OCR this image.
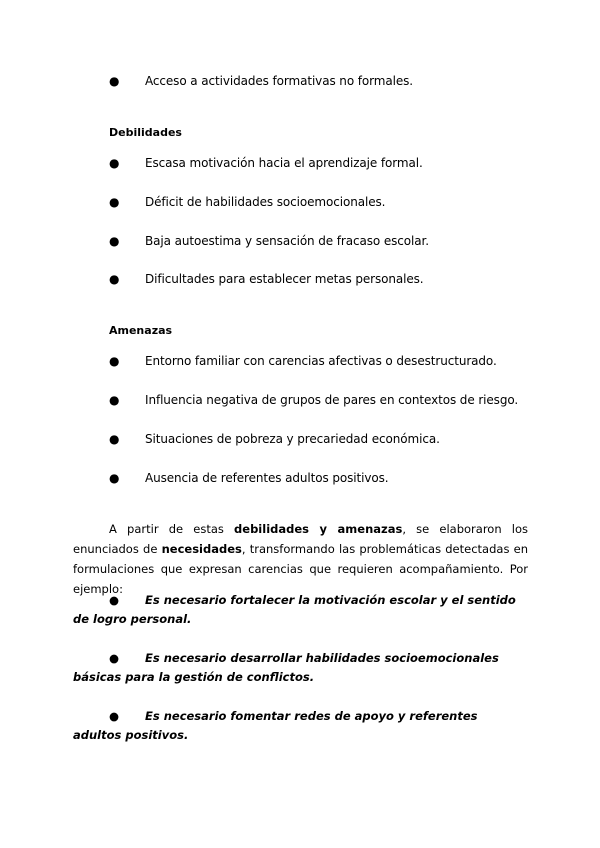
● Acceso a actividades formativas no formales.
Debilidades
● Escasa motivación hacia el aprendizaje formal.
● Déficit de habilidades socioemocionales.
● Baja autoestima y sensación de fracaso escolar.
● Dificultades para establecer metas personales.
Amenazas
● Entorno familiar con carencias afectivas o desestructurado.
● Influencia negativa de grupos de pares en contextos de riesgo.
● Situaciones de pobreza y precariedad económica.
● Ausencia de referentes adultos positivos.
A partir de estas debilidades y amenazas, se elaboraron los enunciados de necesidades, transformando las problemáticas detectadas en formulaciones que expresan carencias que requieren acompañamiento. Por ejemplo:
● Es necesario fortalecer la motivación escolar y el sentido de logro personal.
● Es necesario desarrollar habilidades socioemocionales básicas para la gestión de conflictos.
● Es necesario fomentar redes de apoyo y referentes adultos positivos.
